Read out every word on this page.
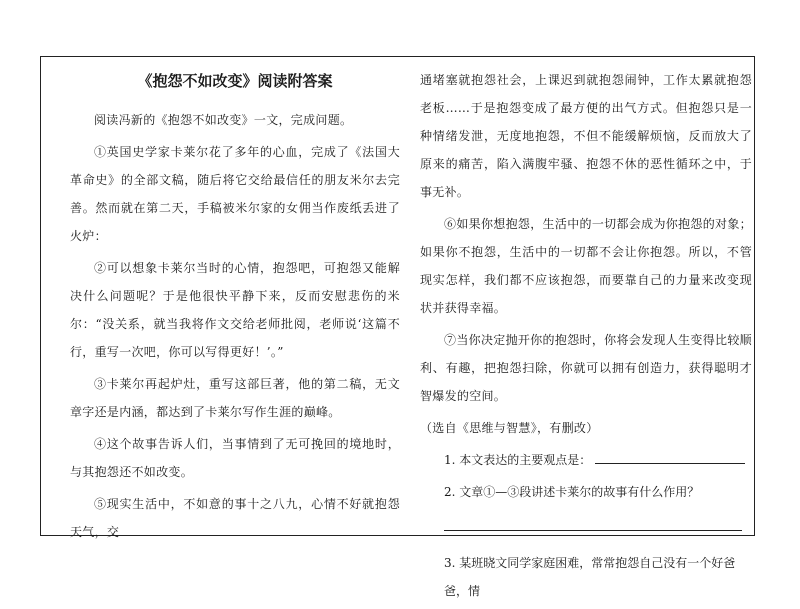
《抱怨不如改变》阅读附答案

阅读冯新的《抱怨不如改变》一文，完成问题。

①英国史学家卡莱尔花了多年的心血，完成了《法国大革命史》的全部文稿，随后将它交给最信任的朋友米尔去完善。然而就在第二天，手稿被米尔家的女佣当作废纸丢进了火炉：

②可以想象卡莱尔当时的心情，抱怨吧，可抱怨又能解决什么问题呢？于是他很快平静下来，反而安慰悲伤的米尔：“没关系，就当我将作文交给老师批阅，老师说‘这篇不行，重写一次吧，你可以写得更好！’。”

③卡莱尔再起炉灶，重写这部巨著，他的第二稿，无文章字还是内涵，都达到了卡莱尔写作生涯的巅峰。

④这个故事告诉人们，当事情到了无可挽回的境地时，与其抱怨还不如改变。

⑤现实生活中，不如意的事十之八九，心情不好就抱怨天气，交

通堵塞就抱怨社会，上课迟到就抱怨闹钟，工作太累就抱怨老板……于是抱怨变成了最方便的出气方式。但抱怨只是一种情绪发泄，无度地抱怨，不但不能缓解烦恼，反而放大了原来的痛苦，陷入满腹牢骚、抱怨不休的恶性循环之中，于事无补。

⑥如果你想抱怨，生活中的一切都会成为你抱怨的对象；如果你不抱怨，生活中的一切都不会让你抱怨。所以，不管现实怎样，我们都不应该抱怨，而要靠自己的力量来改变现状并获得幸福。

⑦当你决定抛开你的抱怨时，你将会发现人生变得比较顺利、有趣，把抱怨扫除，你就可以拥有创造力，获得聪明才智爆发的空间。

（选自《思维与智慧》，有删改）

1. 本文表达的主要观点是：

2. 文章①—③段讲述卡莱尔的故事有什么作用？

3. 某班晓文同学家庭困难，常常抱怨自己没有一个好爸爸，情
